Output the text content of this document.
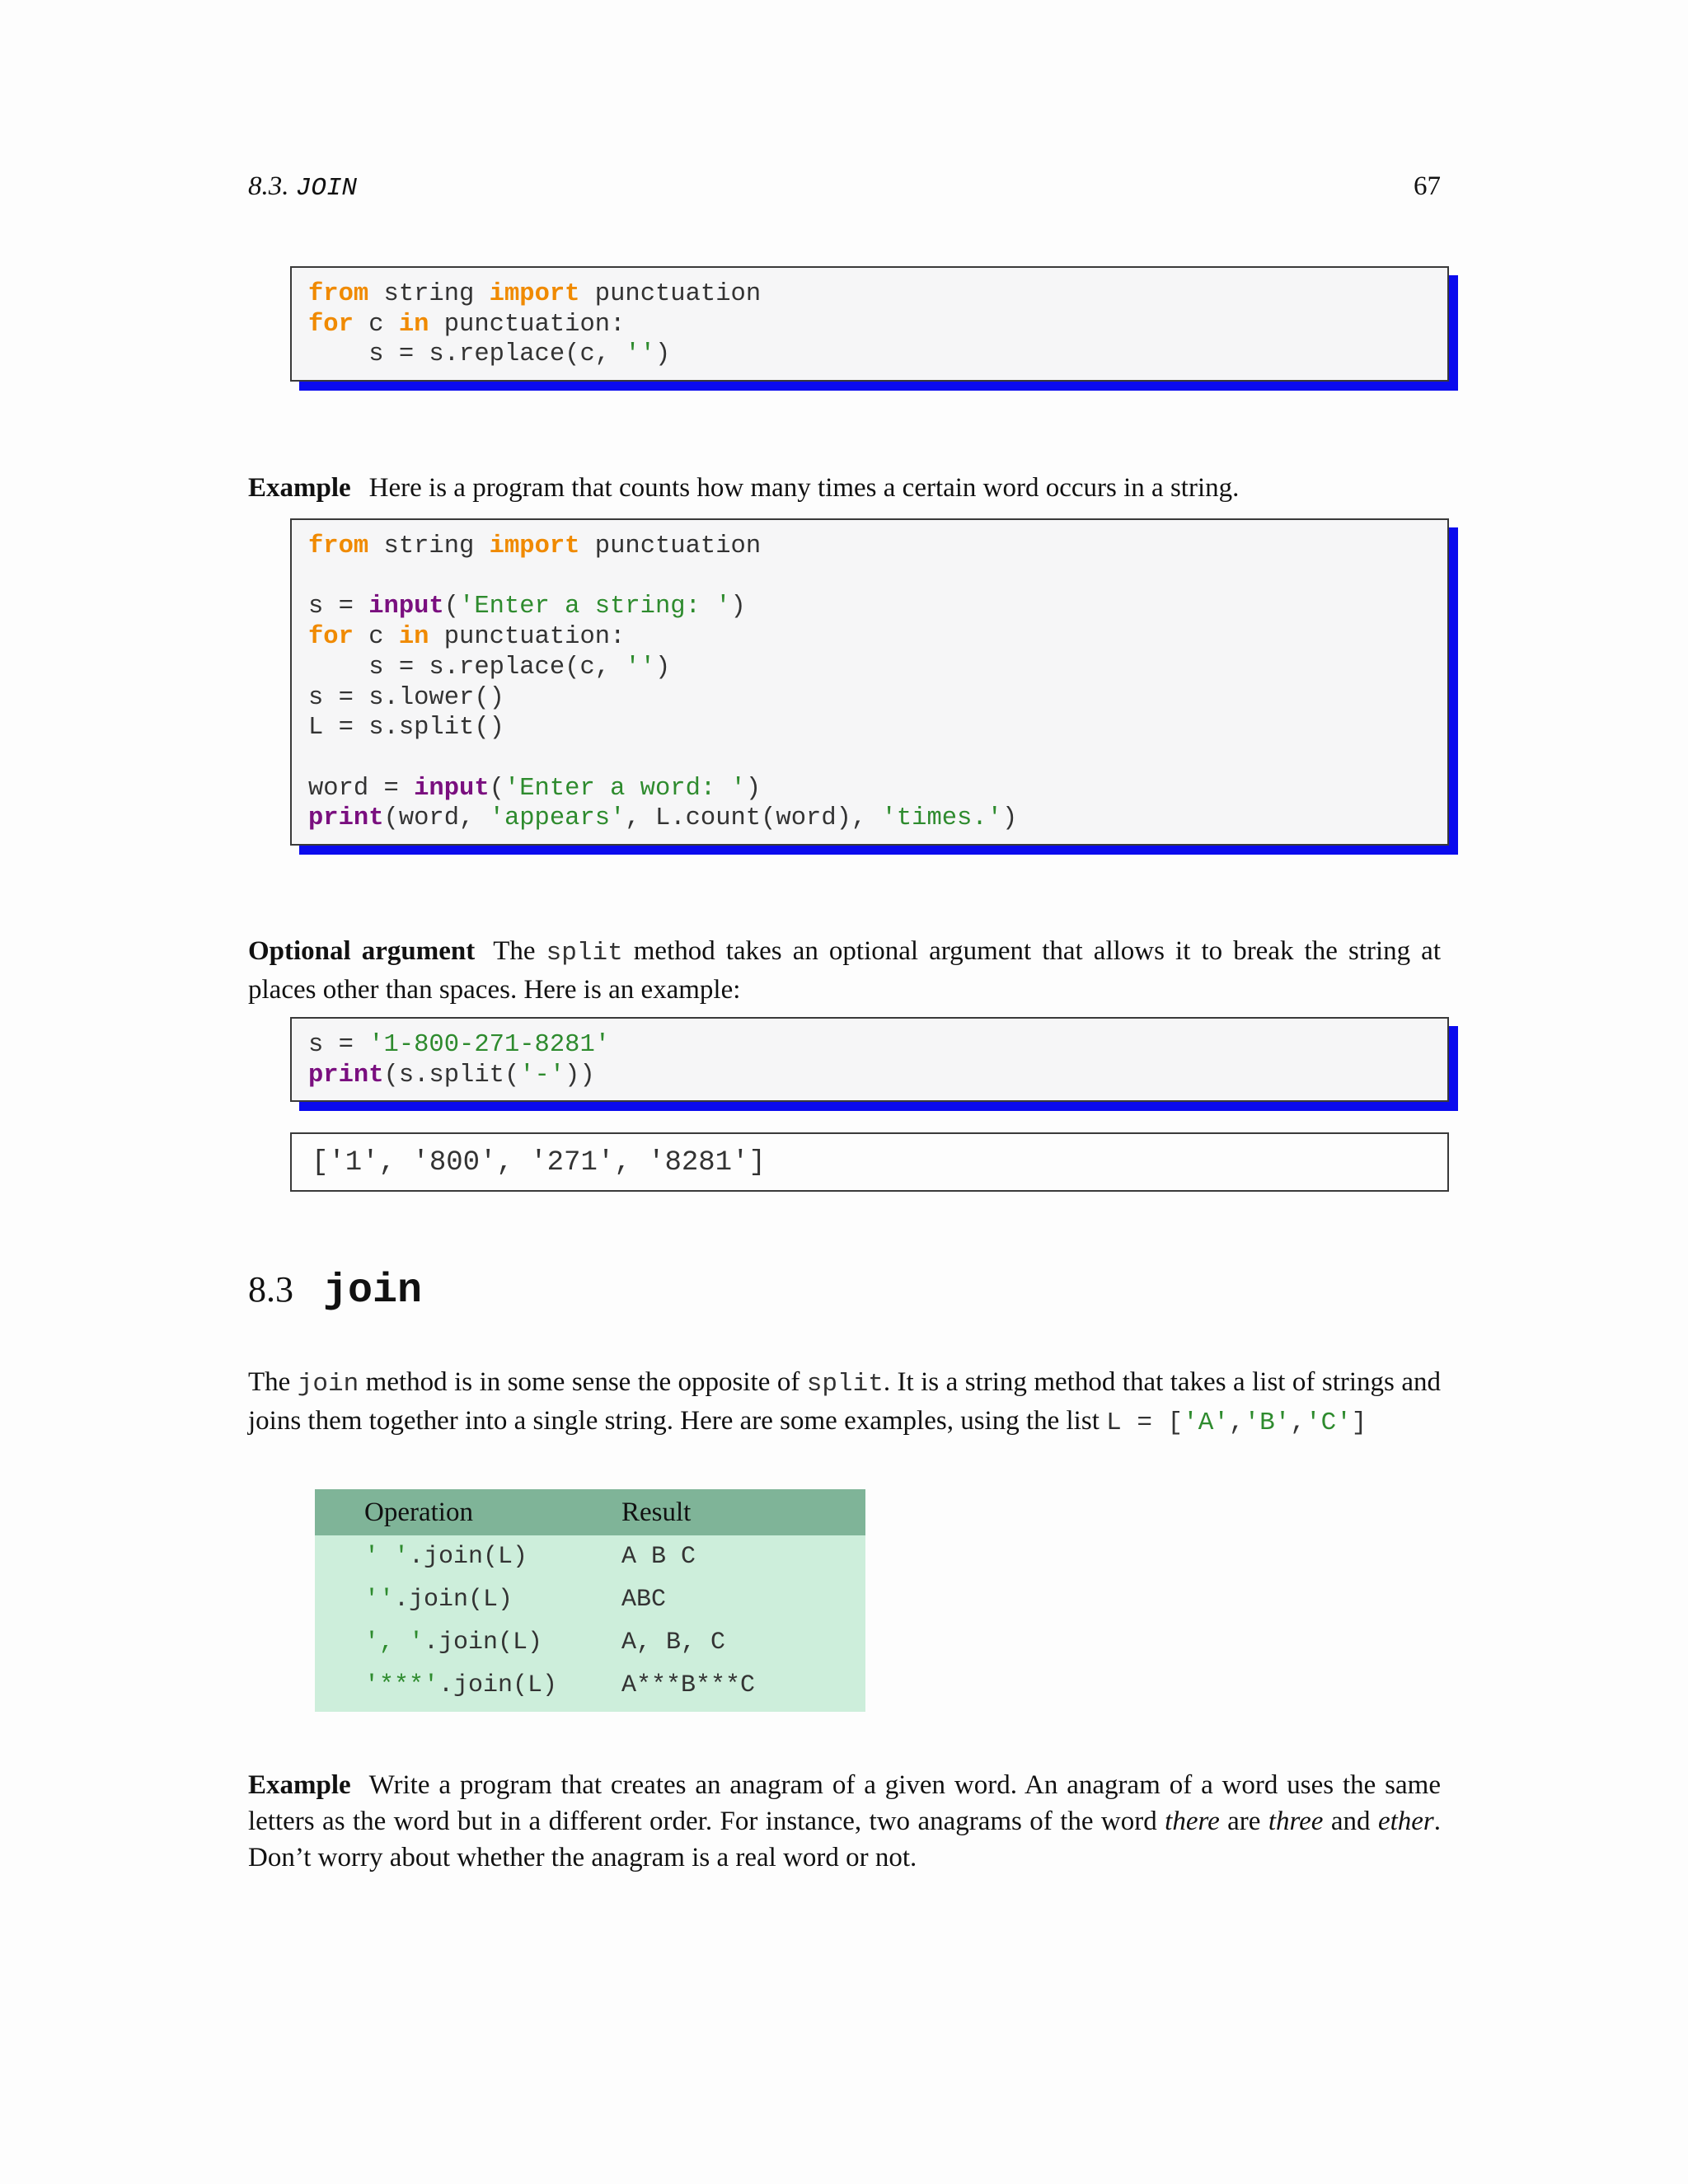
8.3. JOIN	67
from string import punctuation
for c in punctuation:
s = s.replace(c, '')
Example Here is a program that counts how many times a certain word occurs in a string.
from string import punctuation

s = input('Enter a string: ')
for c in punctuation:
s = s.replace(c, '')
s = s.lower()
L = s.split()

word = input('Enter a word: ')
print(word, 'appears', L.count(word), 'times.')
Optional argument The split method takes an optional argument that allows it to break the string at places other than spaces. Here is an example:
s = '1-800-271-8281'
print(s.split('-'))
['1', '800', '271', '8281']
8.3 join
The join method is in some sense the opposite of split. It is a string method that takes a list of strings and joins them together into a single string. Here are some examples, using the list L = ['A','B','C']
Operation	Result
' '.join(L)	A B C
''.join(L)	ABC
', '.join(L)	A, B, C
'***'.join(L)	A***B***C
Example Write a program that creates an anagram of a given word. An anagram of a word uses the same letters as the word but in a different order. For instance, two anagrams of the word there are three and ether. Don’t worry about whether the anagram is a real word or not.
